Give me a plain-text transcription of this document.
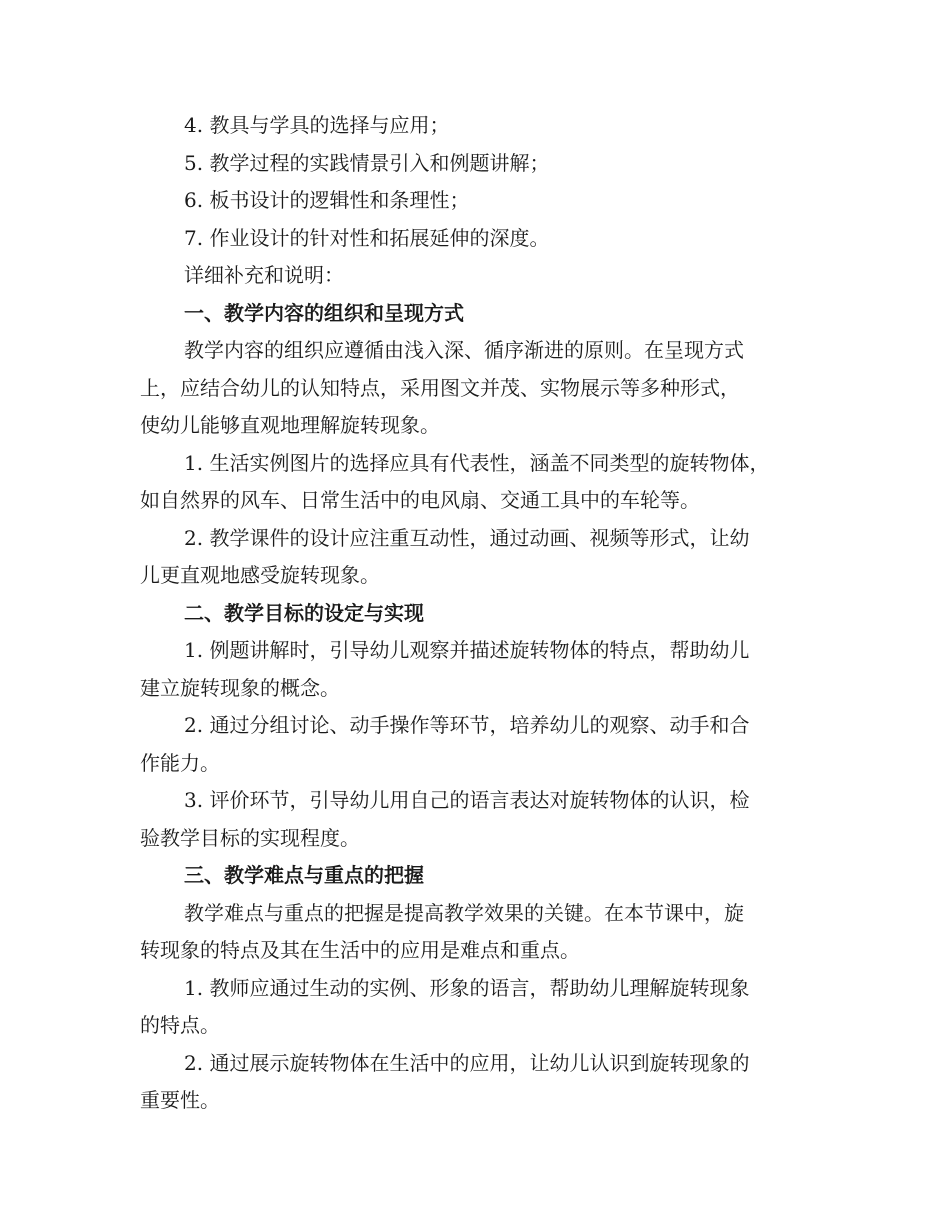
4. 教具与学具的选择与应用；

5. 教学过程的实践情景引入和例题讲解；

6. 板书设计的逻辑性和条理性；

7. 作业设计的针对性和拓展延伸的深度。

详细补充和说明：

一、教学内容的组织和呈现方式

教学内容的组织应遵循由浅入深、循序渐进的原则。在呈现方式

上，应结合幼儿的认知特点，采用图文并茂、实物展示等多种形式，

使幼儿能够直观地理解旋转现象。

1. 生活实例图片的选择应具有代表性，涵盖不同类型的旋转物体，

如自然界的风车、日常生活中的电风扇、交通工具中的车轮等。

2. 教学课件的设计应注重互动性，通过动画、视频等形式，让幼

儿更直观地感受旋转现象。

二、教学目标的设定与实现

1. 例题讲解时，引导幼儿观察并描述旋转物体的特点，帮助幼儿

建立旋转现象的概念。

2. 通过分组讨论、动手操作等环节，培养幼儿的观察、动手和合

作能力。

3. 评价环节，引导幼儿用自己的语言表达对旋转物体的认识，检

验教学目标的实现程度。

三、教学难点与重点的把握

教学难点与重点的把握是提高教学效果的关键。在本节课中，旋

转现象的特点及其在生活中的应用是难点和重点。

1. 教师应通过生动的实例、形象的语言，帮助幼儿理解旋转现象

的特点。

2. 通过展示旋转物体在生活中的应用，让幼儿认识到旋转现象的

重要性。
